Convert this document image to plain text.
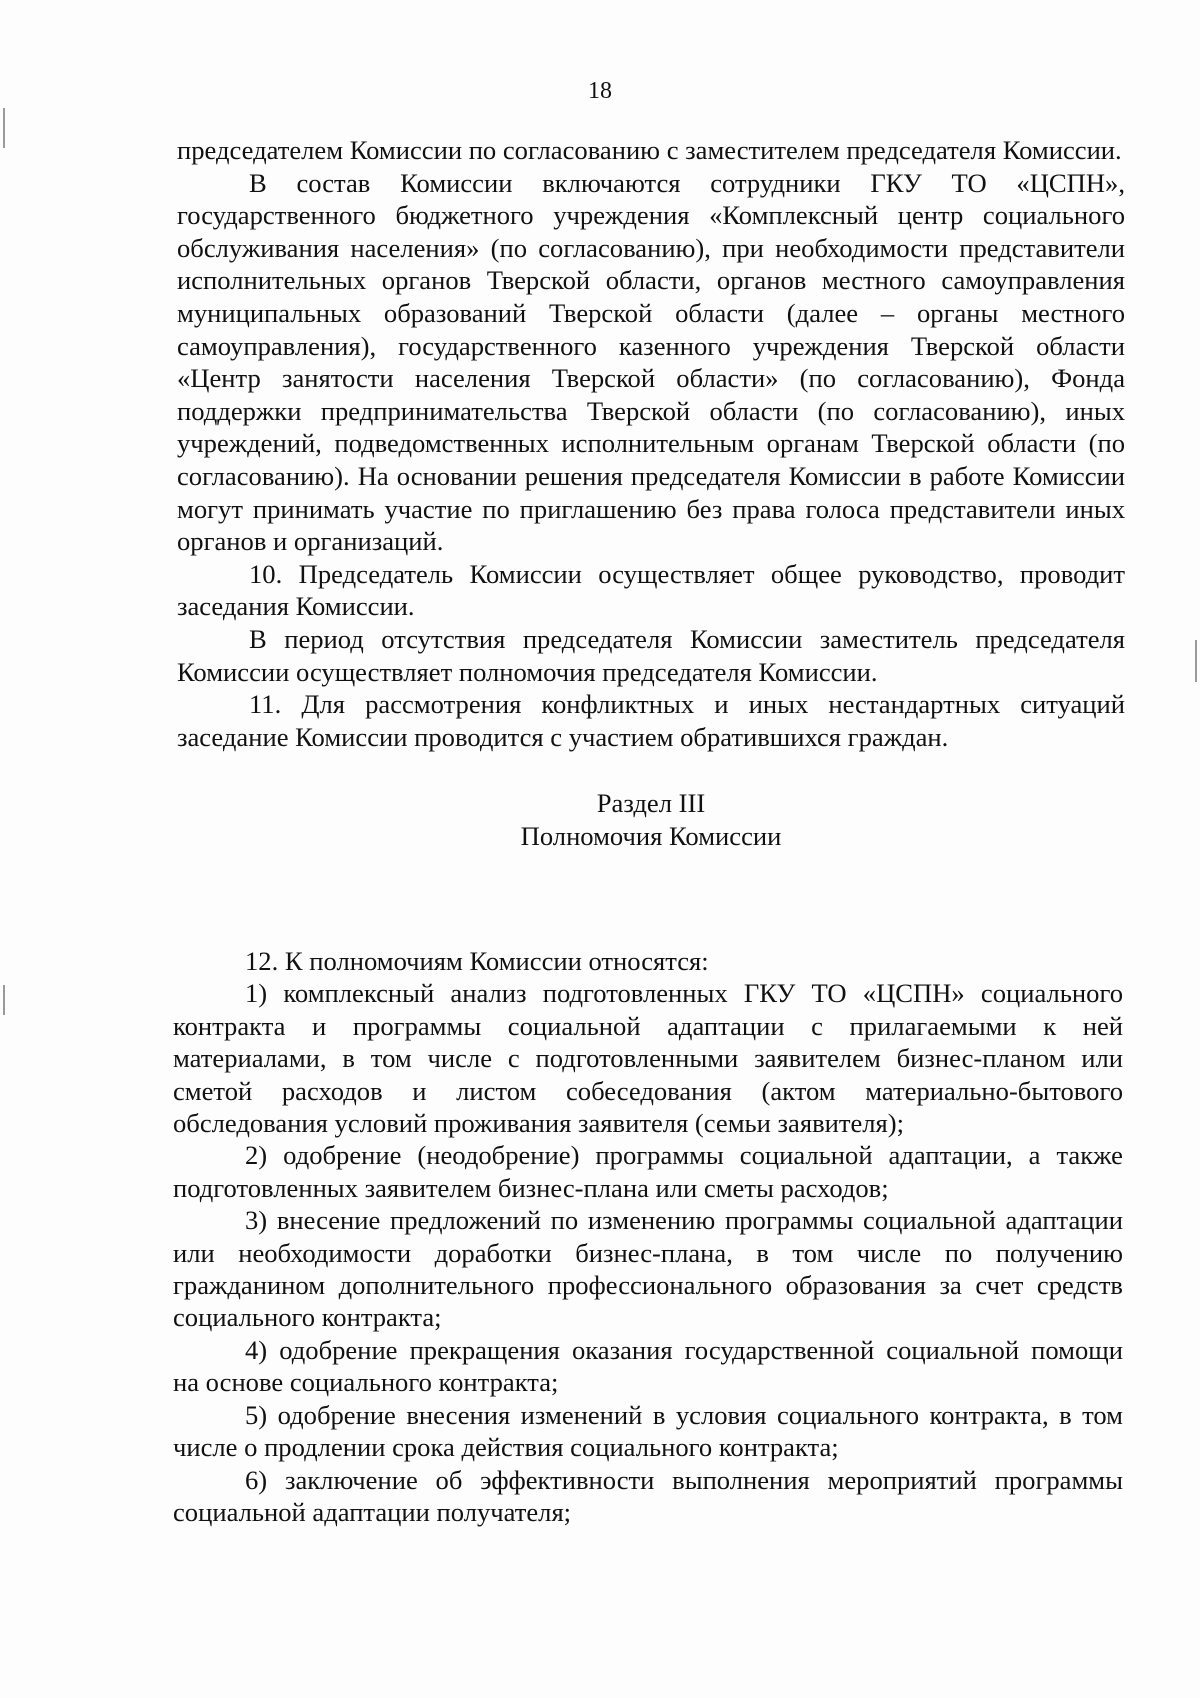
18

председателем Комиссии по согласованию с заместителем председателя Комиссии.

В состав Комиссии включаются сотрудники ГКУ ТО «ЦСПН», государственного бюджетного учреждения «Комплексный центр социального обслуживания населения» (по согласованию), при необходимости представители исполнительных органов Тверской области, органов местного самоуправления муниципальных образований Тверской области (далее – органы местного самоуправления), государственного казенного учреждения Тверской области «Центр занятости населения Тверской области» (по согласованию), Фонда поддержки предпринимательства Тверской области (по согласованию), иных учреждений, подведомственных исполнительным органам Тверской области (по согласованию). На основании решения председателя Комиссии в работе Комиссии могут принимать участие по приглашению без права голоса представители иных органов и организаций.

10. Председатель Комиссии осуществляет общее руководство, проводит заседания Комиссии.

В период отсутствия председателя Комиссии заместитель председателя Комиссии осуществляет полномочия председателя Комиссии.

11. Для рассмотрения конфликтных и иных нестандартных ситуаций заседание Комиссии проводится с участием обратившихся граждан.

Раздел III
Полномочия Комиссии

12. К полномочиям Комиссии относятся:

1) комплексный анализ подготовленных ГКУ ТО «ЦСПН» социального контракта и программы социальной адаптации с прилагаемыми к ней материалами, в том числе с подготовленными заявителем бизнес-планом или сметой расходов и листом собеседования (актом материально-бытового обследования условий проживания заявителя (семьи заявителя);

2) одобрение (неодобрение) программы социальной адаптации, а также подготовленных заявителем бизнес-плана или сметы расходов;

3) внесение предложений по изменению программы социальной адаптации или необходимости доработки бизнес-плана, в том числе по получению гражданином дополнительного профессионального образования за счет средств социального контракта;

4) одобрение прекращения оказания государственной социальной помощи на основе социального контракта;

5) одобрение внесения изменений в условия социального контракта, в том числе о продлении срока действия социального контракта;

6) заключение об эффективности выполнения мероприятий программы социальной адаптации получателя;
